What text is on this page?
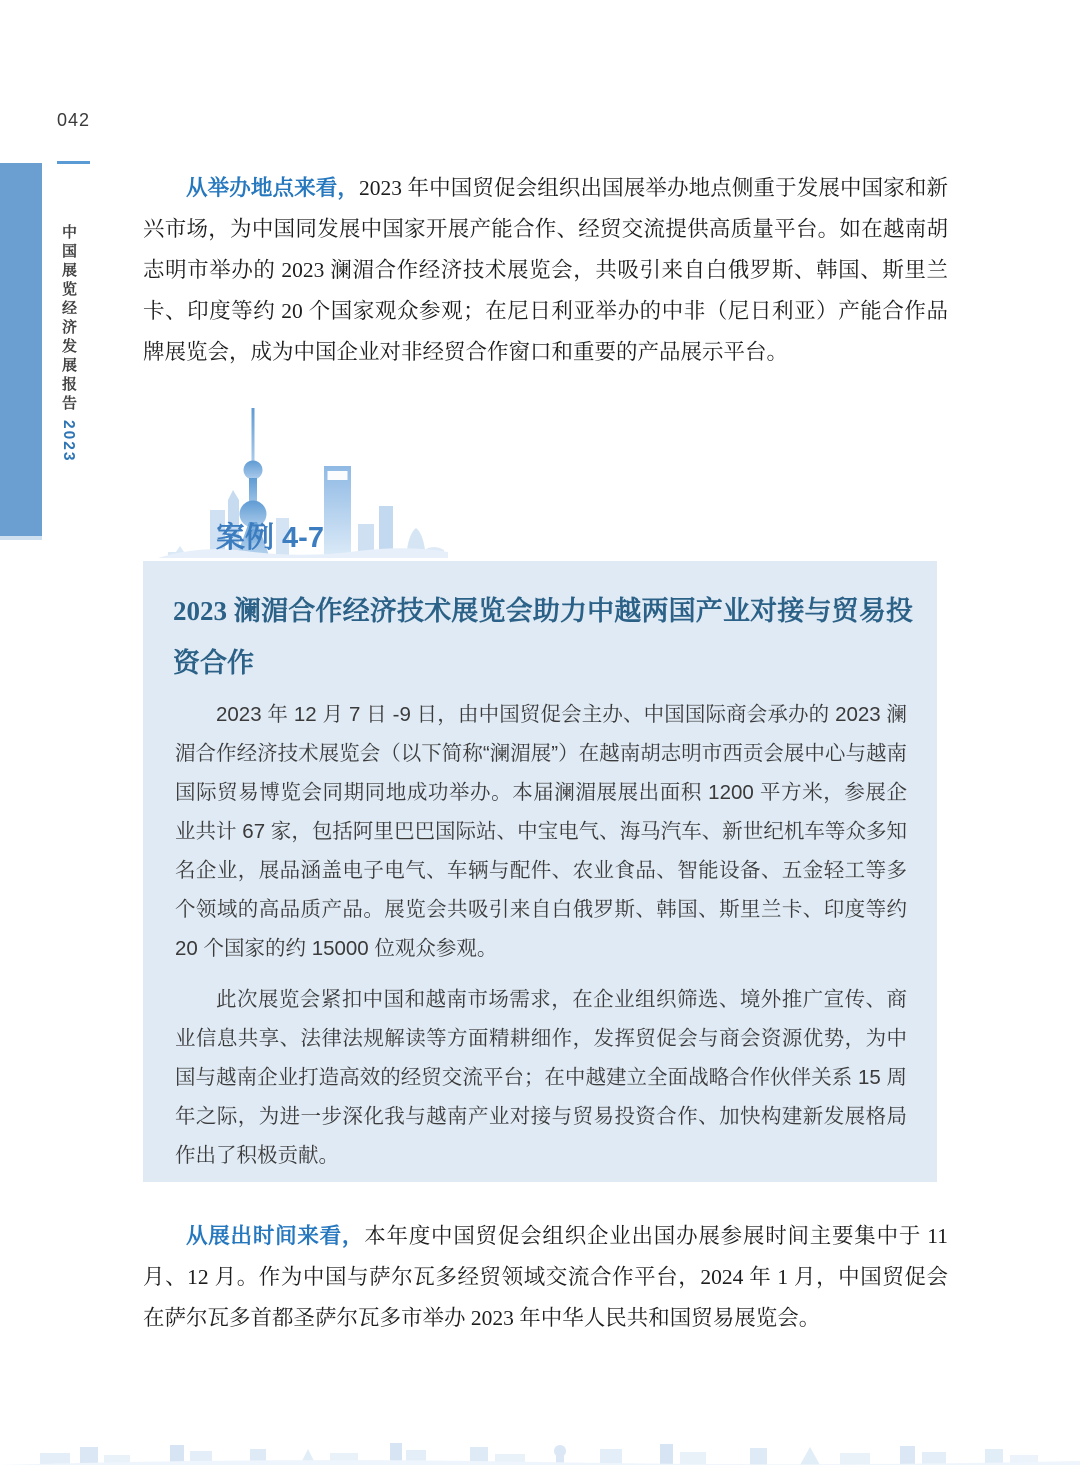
042
中国展览经济发展报告2023

从举办地点来看，2023 年中国贸促会组织出国展举办地点侧重于发展中国家和新兴市场，为中国同发展中国家开展产能合作、经贸交流提供高质量平台。如在越南胡志明市举办的 2023 澜湄合作经济技术展览会，共吸引来自白俄罗斯、韩国、斯里兰卡、印度等约 20 个国家观众参观；在尼日利亚举办的中非（尼日利亚）产能合作品牌展览会，成为中国企业对非经贸合作窗口和重要的产品展示平台。

案例 4-7
2023 澜湄合作经济技术展览会助力中越两国产业对接与贸易投资合作

2023 年 12 月 7 日 -9 日，由中国贸促会主办、中国国际商会承办的 2023 澜湄合作经济技术展览会（以下简称“澜湄展”）在越南胡志明市西贡会展中心与越南国际贸易博览会同期同地成功举办。本届澜湄展展出面积 1200 平方米，参展企业共计 67 家，包括阿里巴巴国际站、中宝电气、海马汽车、新世纪机车等众多知名企业，展品涵盖电子电气、车辆与配件、农业食品、智能设备、五金轻工等多个领域的高品质产品。展览会共吸引来自白俄罗斯、韩国、斯里兰卡、印度等约 20 个国家的约 15000 位观众参观。

此次展览会紧扣中国和越南市场需求，在企业组织筛选、境外推广宣传、商业信息共享、法律法规解读等方面精耕细作，发挥贸促会与商会资源优势，为中国与越南企业打造高效的经贸交流平台；在中越建立全面战略合作伙伴关系 15 周年之际，为进一步深化我与越南产业对接与贸易投资合作、加快构建新发展格局作出了积极贡献。

从展出时间来看，本年度中国贸促会组织企业出国办展参展时间主要集中于 11 月、12 月。作为中国与萨尔瓦多经贸领域交流合作平台，2024 年 1 月，中国贸促会在萨尔瓦多首都圣萨尔瓦多市举办 2023 年中华人民共和国贸易展览会。
